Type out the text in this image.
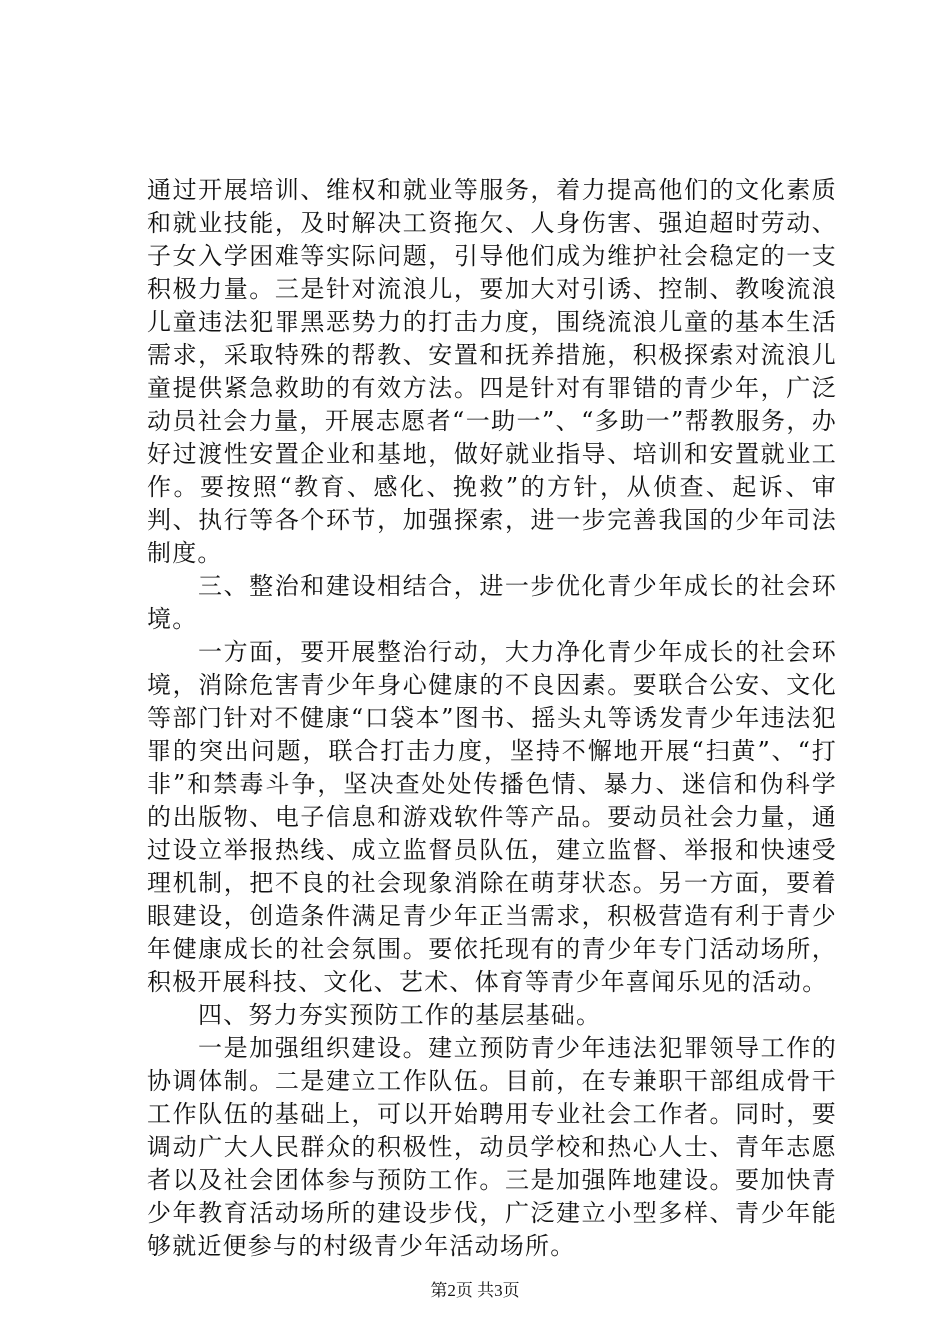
通过开展培训、维权和就业等服务，着力提高他们的文化素质和就业技能，及时解决工资拖欠、人身伤害、强迫超时劳动、子女入学困难等实际问题，引导他们成为维护社会稳定的一支积极力量。三是针对流浪儿，要加大对引诱、控制、教唆流浪儿童违法犯罪黑恶势力的打击力度，围绕流浪儿童的基本生活需求，采取特殊的帮教、安置和抚养措施，积极探索对流浪儿童提供紧急救助的有效方法。四是针对有罪错的青少年，广泛动员社会力量，开展志愿者“一助一”、“多助一”帮教服务，办好过渡性安置企业和基地，做好就业指导、培训和安置就业工作。要按照“教育、感化、挽救”的方针，从侦查、起诉、审判、执行等各个环节，加强探索，进一步完善我国的少年司法制度。

三、整治和建设相结合，进一步优化青少年成长的社会环境。

一方面，要开展整治行动，大力净化青少年成长的社会环境，消除危害青少年身心健康的不良因素。要联合公安、文化等部门针对不健康“口袋本”图书、摇头丸等诱发青少年违法犯罪的突出问题，联合打击力度，坚持不懈地开展“扫黄”、“打非”和禁毒斗争，坚决查处处传播色情、暴力、迷信和伪科学的出版物、电子信息和游戏软件等产品。要动员社会力量，通过设立举报热线、成立监督员队伍，建立监督、举报和快速受理机制，把不良的社会现象消除在萌芽状态。另一方面，要着眼建设，创造条件满足青少年正当需求，积极营造有利于青少年健康成长的社会氛围。要依托现有的青少年专门活动场所，积极开展科技、文化、艺术、体育等青少年喜闻乐见的活动。

四、努力夯实预防工作的基层基础。

一是加强组织建设。建立预防青少年违法犯罪领导工作的协调体制。二是建立工作队伍。目前，在专兼职干部组成骨干工作队伍的基础上，可以开始聘用专业社会工作者。同时，要调动广大人民群众的积极性，动员学校和热心人士、青年志愿者以及社会团体参与预防工作。三是加强阵地建设。要加快青少年教育活动场所的建设步伐，广泛建立小型多样、青少年能够就近便参与的村级青少年活动场所。

第2页 共3页
